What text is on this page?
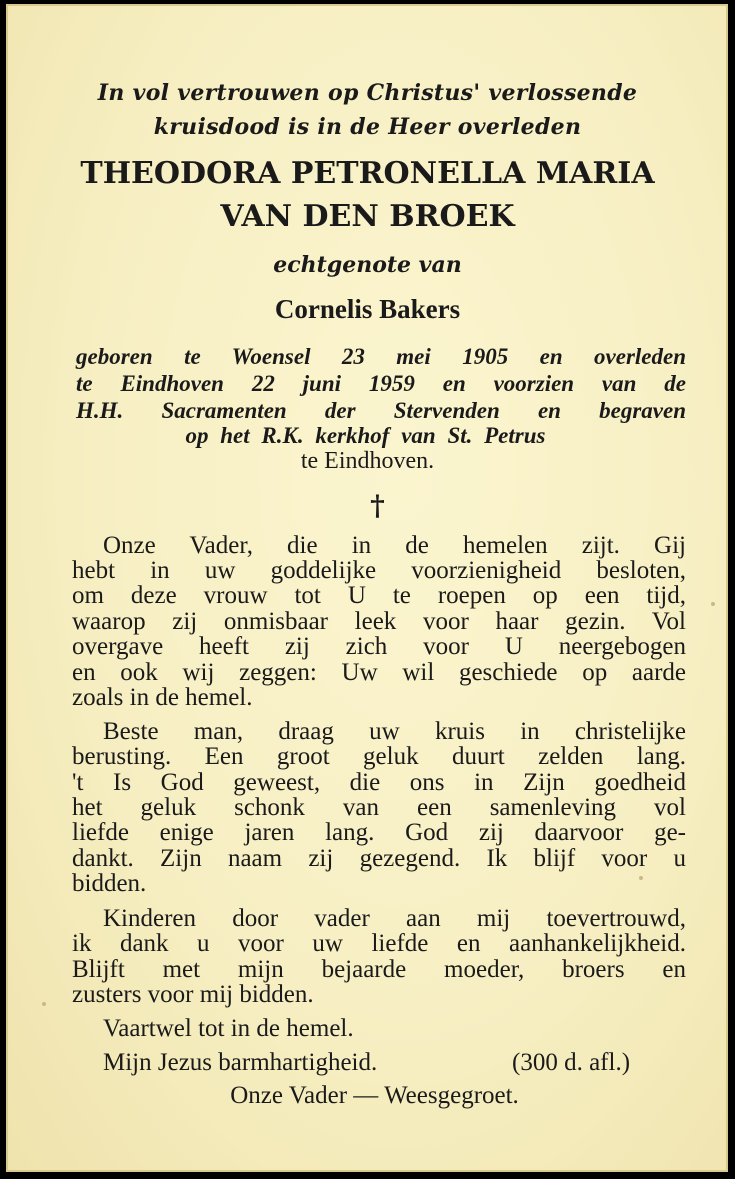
In vol vertrouwen op Christus' verlossende
kruisdood is in de Heer overleden
THEODORA PETRONELLA MARIA
VAN DEN BROEK
echtgenote van
Cornelis Bakers
geboren te Woensel 23 mei 1905 en overleden
te Eindhoven 22 juni 1959 en voorzien van de
H.H. Sacramenten der Stervenden en begraven
op het R.K. kerkhof van St. Petrus
te Eindhoven.
†
Onze Vader, die in de hemelen zijt. Gij
hebt in uw goddelijke voorzienigheid besloten,
om deze vrouw tot U te roepen op een tijd,
waarop zij onmisbaar leek voor haar gezin. Vol
overgave heeft zij zich voor U neergebogen
en ook wij zeggen: Uw wil geschiede op aarde
zoals in de hemel.
Beste man, draag uw kruis in christelijke
berusting. Een groot geluk duurt zelden lang.
't Is God geweest, die ons in Zijn goedheid
het geluk schonk van een samenleving vol
liefde enige jaren lang. God zij daarvoor ge-
dankt. Zijn naam zij gezegend. Ik blijf voor u
bidden.
Kinderen door vader aan mij toevertrouwd,
ik dank u voor uw liefde en aanhankelijkheid.
Blijft met mijn bejaarde moeder, broers en
zusters voor mij bidden.
Vaartwel tot in de hemel.
Mijn Jezus barmhartigheid.	(300 d. afl.)
Onze Vader — Weesgegroet.
